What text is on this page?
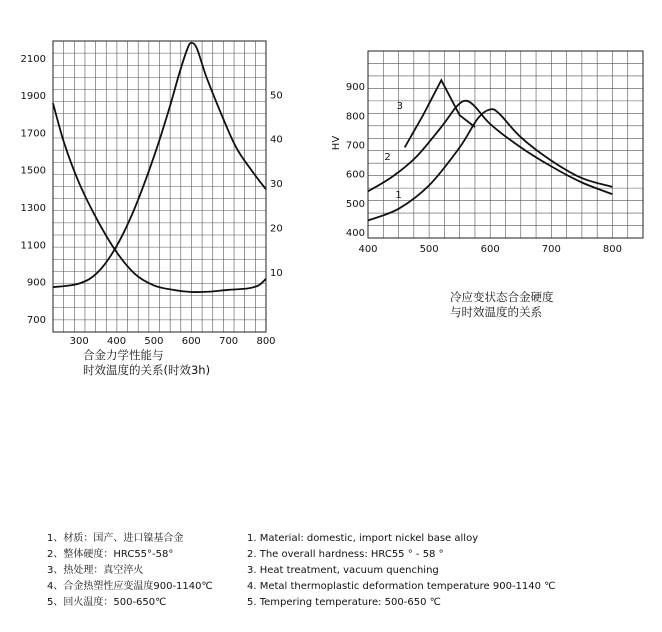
300 400 500 600 700 800
700
900
1100
1300
1500
1700
1900
2100
10
20
30
40
50
合金力学性能与
时效温度的关系(时效3h)
400	500	600	700	800
400
500
600
700
800
900
HV
3
2
1
冷应变状态合金硬度
与时效温度的关系
1、材质：国产、进口镍基合金
2、整体硬度：HRC55°-58°
3、热处理：真空淬火
4、合金热塑性应变温度900-1140℃
5、回火温度：500-650℃
1. Material: domestic, import nickel base alloy
2. The overall hardness: HRC55 ° - 58 °
3. Heat treatment, vacuum quenching
4. Metal thermoplastic deformation temperature 900-1140 ℃
5. Tempering temperature: 500-650 ℃
